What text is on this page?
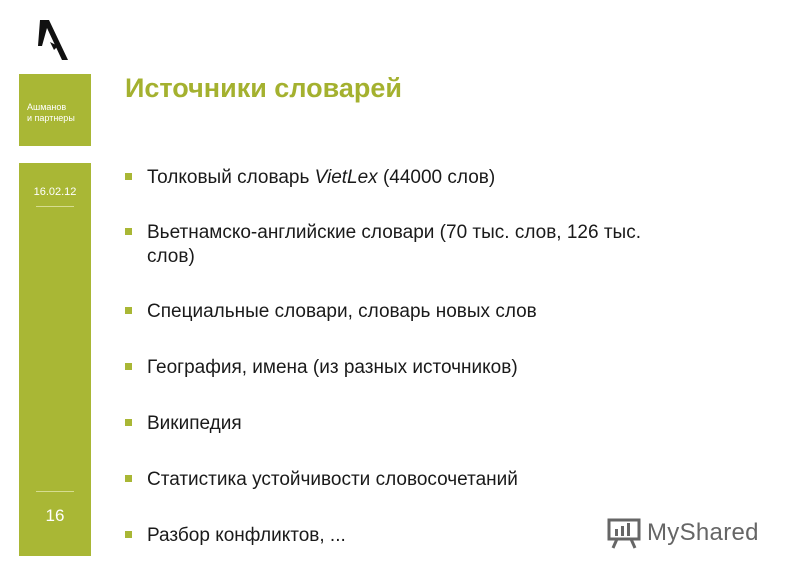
Ашманов
и партнеры
16.02.12
16
Источники словарей
Толковый словарь VietLex (44000 слов)
Вьетнамско-английские словари (70 тыс. слов, 126 тыс.
слов)
Специальные словари, словарь новых слов
География, имена (из разных источников)
Википедия
Статистика устойчивости словосочетаний
Разбор конфликтов, ...	MyShared
